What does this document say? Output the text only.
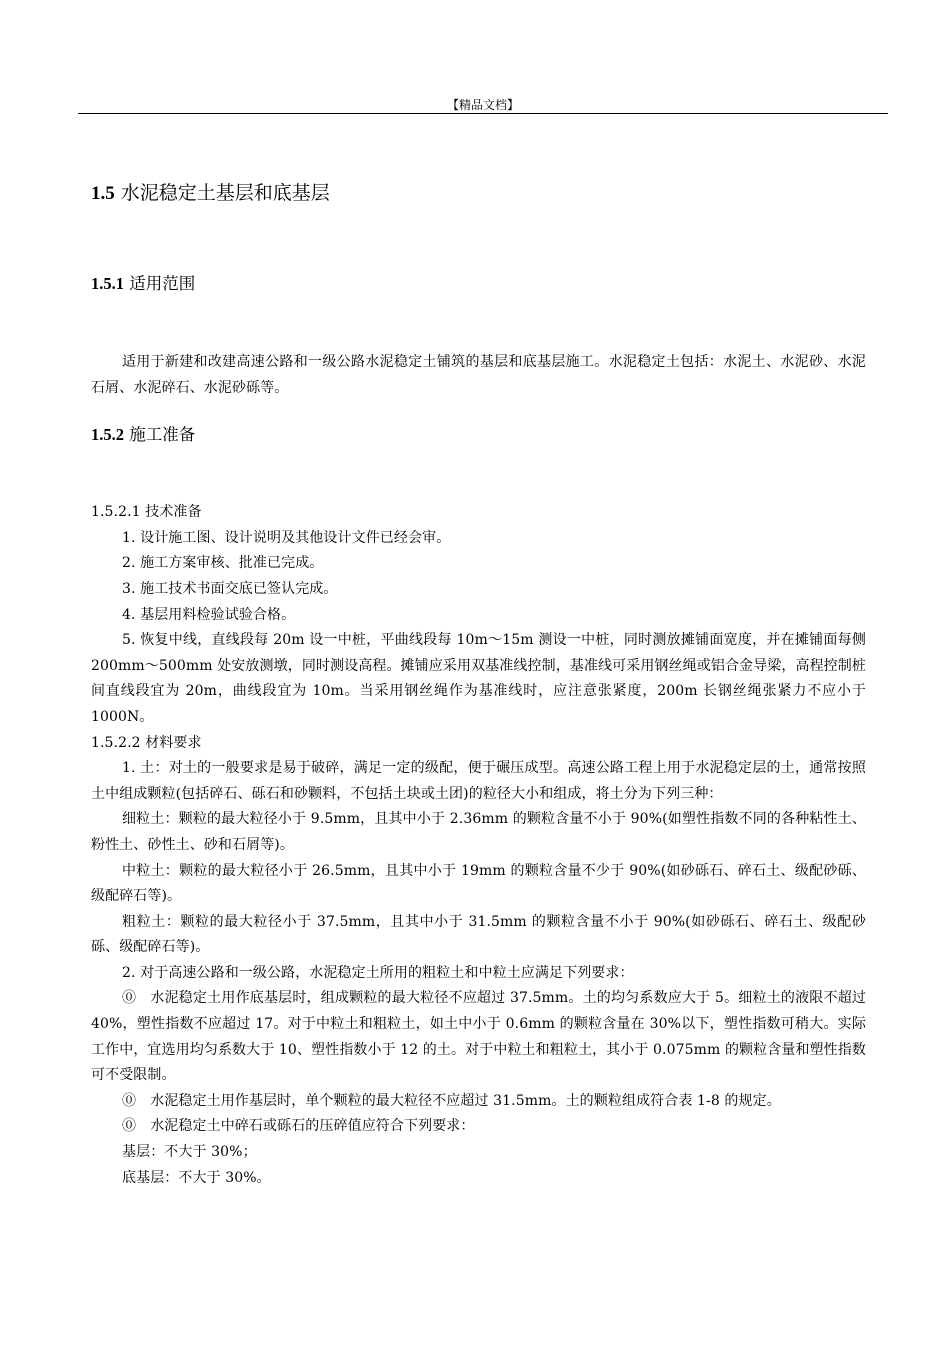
【精品文档】
1.5 水泥稳定土基层和底基层
1.5.1 适用范围

适用于新建和改建高速公路和一级公路水泥稳定土铺筑的基层和底基层施工。水泥稳定土包括：水泥土、水泥砂、水泥石屑、水泥碎石、水泥砂砾等。

1.5.2 施工准备

1.5.2.1 技术准备

1. 设计施工图、设计说明及其他设计文件已经会审。

2. 施工方案审核、批准已完成。

3. 施工技术书面交底已签认完成。

4. 基层用料检验试验合格。

5. 恢复中线，直线段每 20m 设一中桩，平曲线段每 10m～15m 测设一中桩，同时测放摊铺面宽度，并在摊铺面每侧 200mm～500mm 处安放测墩，同时测设高程。摊铺应采用双基准线控制，基准线可采用钢丝绳或铝合金导梁，高程控制桩间直线段宜为 20m，曲线段宜为 10m。当采用钢丝绳作为基准线时，应注意张紧度，200m 长钢丝绳张紧力不应小于 1000N。

1.5.2.2 材料要求

1. 土：对土的一般要求是易于破碎，满足一定的级配，便于碾压成型。高速公路工程上用于水泥稳定层的土，通常按照土中组成颗粒(包括碎石、砾石和砂颗料，不包括土块或土团)的粒径大小和组成，将土分为下列三种：

细粒土：颗粒的最大粒径小于 9.5mm，且其中小于 2.36mm 的颗粒含量不小于 90%(如塑性指数不同的各种粘性土、粉性土、砂性土、砂和石屑等)。

中粒土：颗粒的最大粒径小于 26.5mm，且其中小于 19mm 的颗粒含量不少于 90%(如砂砾石、碎石土、级配砂砾、级配碎石等)。

粗粒土：颗粒的最大粒径小于 37.5mm，且其中小于 31.5mm 的颗粒含量不小于 90%(如砂砾石、碎石土、级配砂砾、级配碎石等)。

2. 对于高速公路和一级公路，水泥稳定土所用的粗粒土和中粒土应满足下列要求：

⓪　水泥稳定土用作底基层时，组成颗粒的最大粒径不应超过 37.5mm。土的均匀系数应大于 5。细粒土的液限不超过 40%，塑性指数不应超过 17。对于中粒土和粗粒土，如土中小于 0.6mm 的颗粒含量在 30%以下，塑性指数可稍大。实际工作中，宜选用均匀系数大于 10、塑性指数小于 12 的土。对于中粒土和粗粒土，其小于 0.075mm 的颗粒含量和塑性指数可不受限制。

⓪　水泥稳定土用作基层时，单个颗粒的最大粒径不应超过 31.5mm。土的颗粒组成符合表 1-8 的规定。

⓪　水泥稳定土中碎石或砾石的压碎值应符合下列要求：

基层：不大于 30%；

底基层：不大于 30%。
